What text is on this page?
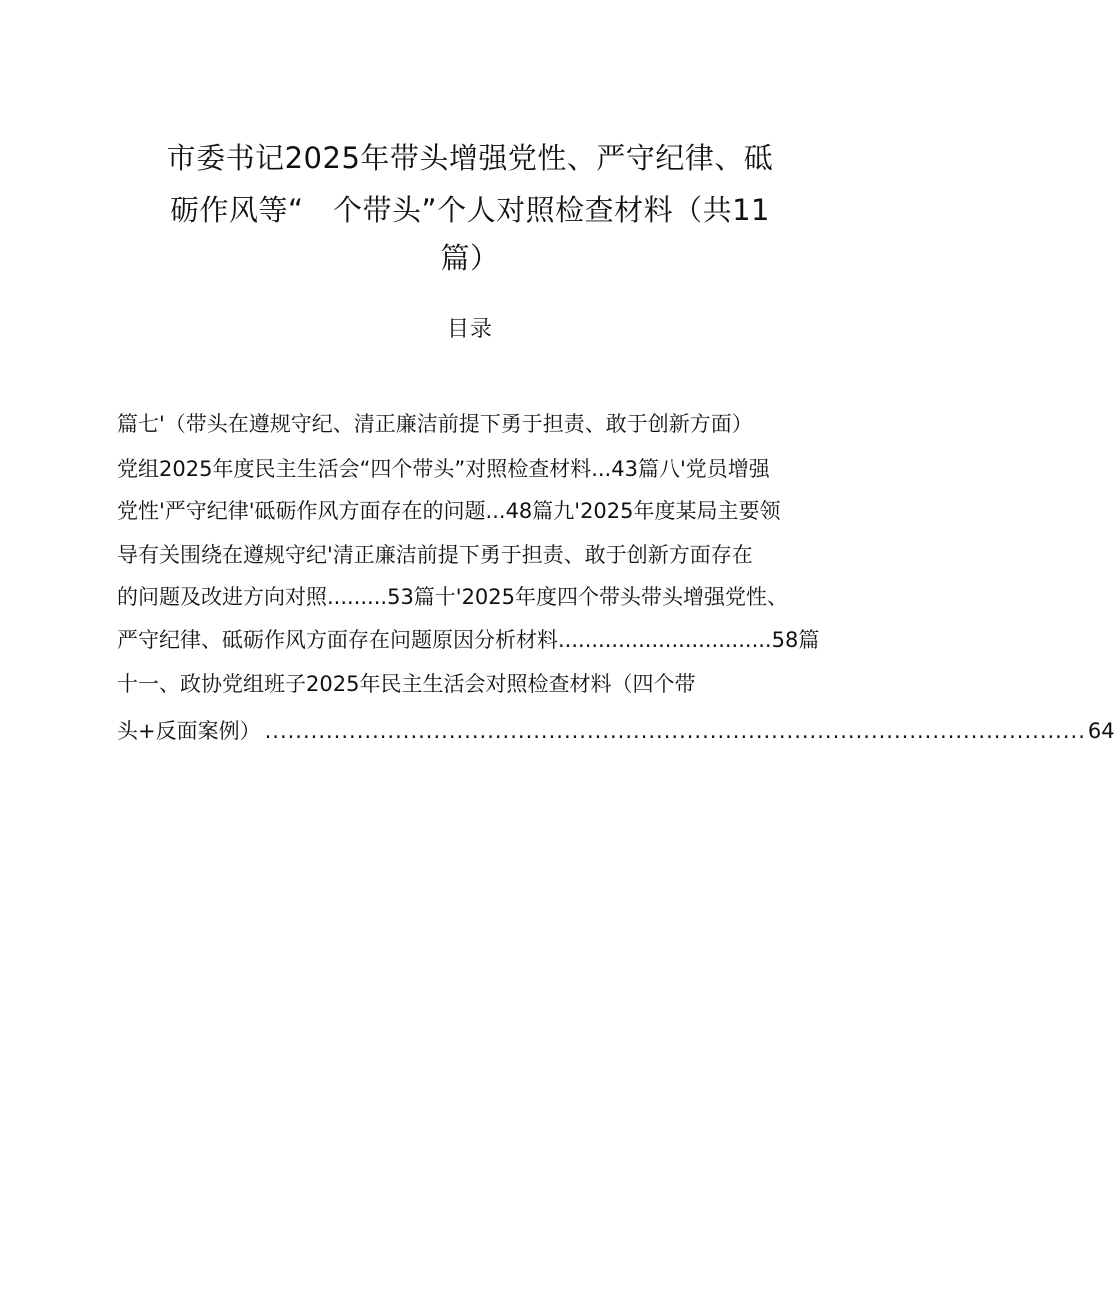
市委书记2025年带头增强党性、严守纪律、砥
砺作风等“　个带头”个人对照检查材料（共11
篇）
目录
篇七'（带头在遵规守纪、清正廉洁前提下勇于担责、敢于创新方面）
党组2025年度民主生活会“四个带头”对照检查材料...43篇八'党员增强
党性'严守纪律'砥砺作风方面存在的问题...48篇九'2025年度某局主要领
导有关围绕在遵规守纪'清正廉洁前提下勇于担责、敢于创新方面存在
的问题及改进方向对照.........53篇十'2025年度四个带头带头增强党性、
严守纪律、砥砺作风方面存在问题原因分析材料................................58篇
十一、政协党组班子2025年民主生活会对照检查材料（四个带
头+反面案例） ........................................................................................................... 64
